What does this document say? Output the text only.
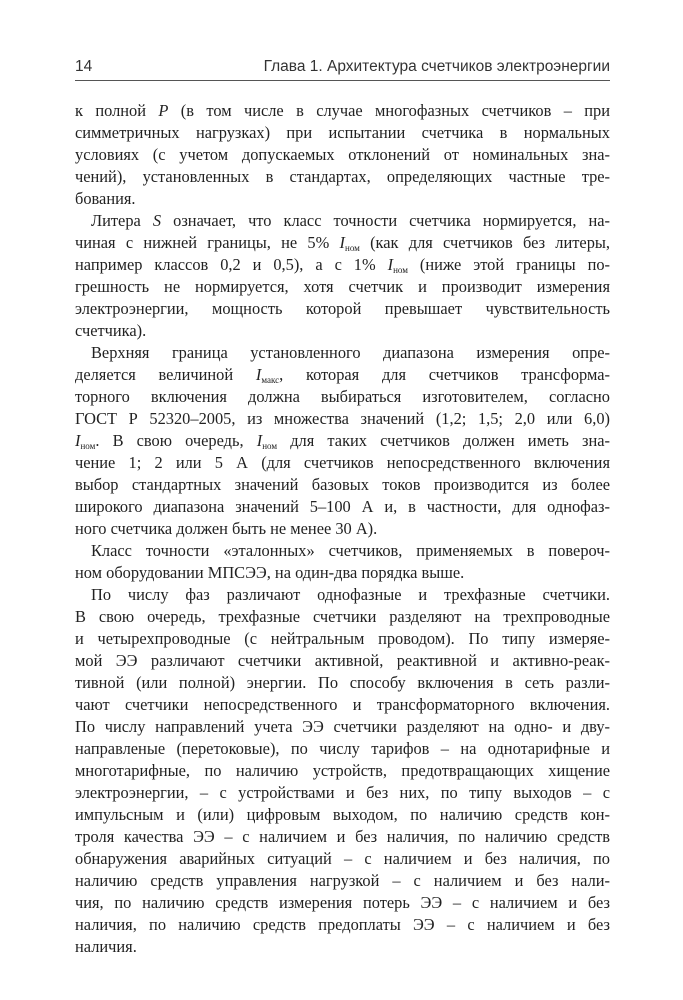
14	Глава 1. Архитектура счетчиков электроэнергии
к полной P (в том числе в случае многофазных счетчиков – при
симметричных нагрузках) при испытании счетчика в нормальных
условиях (с учетом допускаемых отклонений от номинальных зна-
чений), установленных в стандартах, определяющих частные тре-
бования.
Литера S означает, что класс точности счетчика нормируется, на-
чиная с нижней границы, не 5% $I_{ном}$ (как для счетчиков без литеры,
например классов 0,2 и 0,5), а с 1% $I_{ном}$ (ниже этой границы по-
грешность не нормируется, хотя счетчик и производит измерения
электроэнергии, мощность которой превышает чувствительность
счетчика).
Верхняя граница установленного диапазона измерения опре-
деляется величиной $I_{макс}$, которая для счетчиков трансформа-
торного включения должна выбираться изготовителем, согласно
ГОСТ Р 52320–2005, из множества значений (1,2; 1,5; 2,0 или 6,0)
$I_{ном}$. В свою очередь, $I_{ном}$ для таких счетчиков должен иметь зна-
чение 1; 2 или 5 А (для счетчиков непосредственного включения
выбор стандартных значений базовых токов производится из более
широкого диапазона значений 5–100 А и, в частности, для однофаз-
ного счетчика должен быть не менее 30 А).
Класс точности «эталонных» счетчиков, применяемых в повероч-
ном оборудовании МПСЭЭ, на один-два порядка выше.
По числу фаз различают однофазные и трехфазные счетчики.
В свою очередь, трехфазные счетчики разделяют на трехпроводные
и четырехпроводные (с нейтральным проводом). По типу измеряе-
мой ЭЭ различают счетчики активной, реактивной и активно-реак-
тивной (или полной) энергии. По способу включения в сеть разли-
чают счетчики непосредственного и трансформаторного включения.
По числу направлений учета ЭЭ счетчики разделяют на одно- и дву-
направленые (перетоковые), по числу тарифов – на однотарифные и
многотарифные, по наличию устройств, предотвращающих хищение
электроэнергии, – с устройствами и без них, по типу выходов – с
импульсным и (или) цифровым выходом, по наличию средств кон-
троля качества ЭЭ – с наличием и без наличия, по наличию средств
обнаружения аварийных ситуаций – с наличием и без наличия, по
наличию средств управления нагрузкой – с наличием и без нали-
чия, по наличию средств измерения потерь ЭЭ – с наличием и без
наличия, по наличию средств предоплаты ЭЭ – с наличием и без
наличия.
